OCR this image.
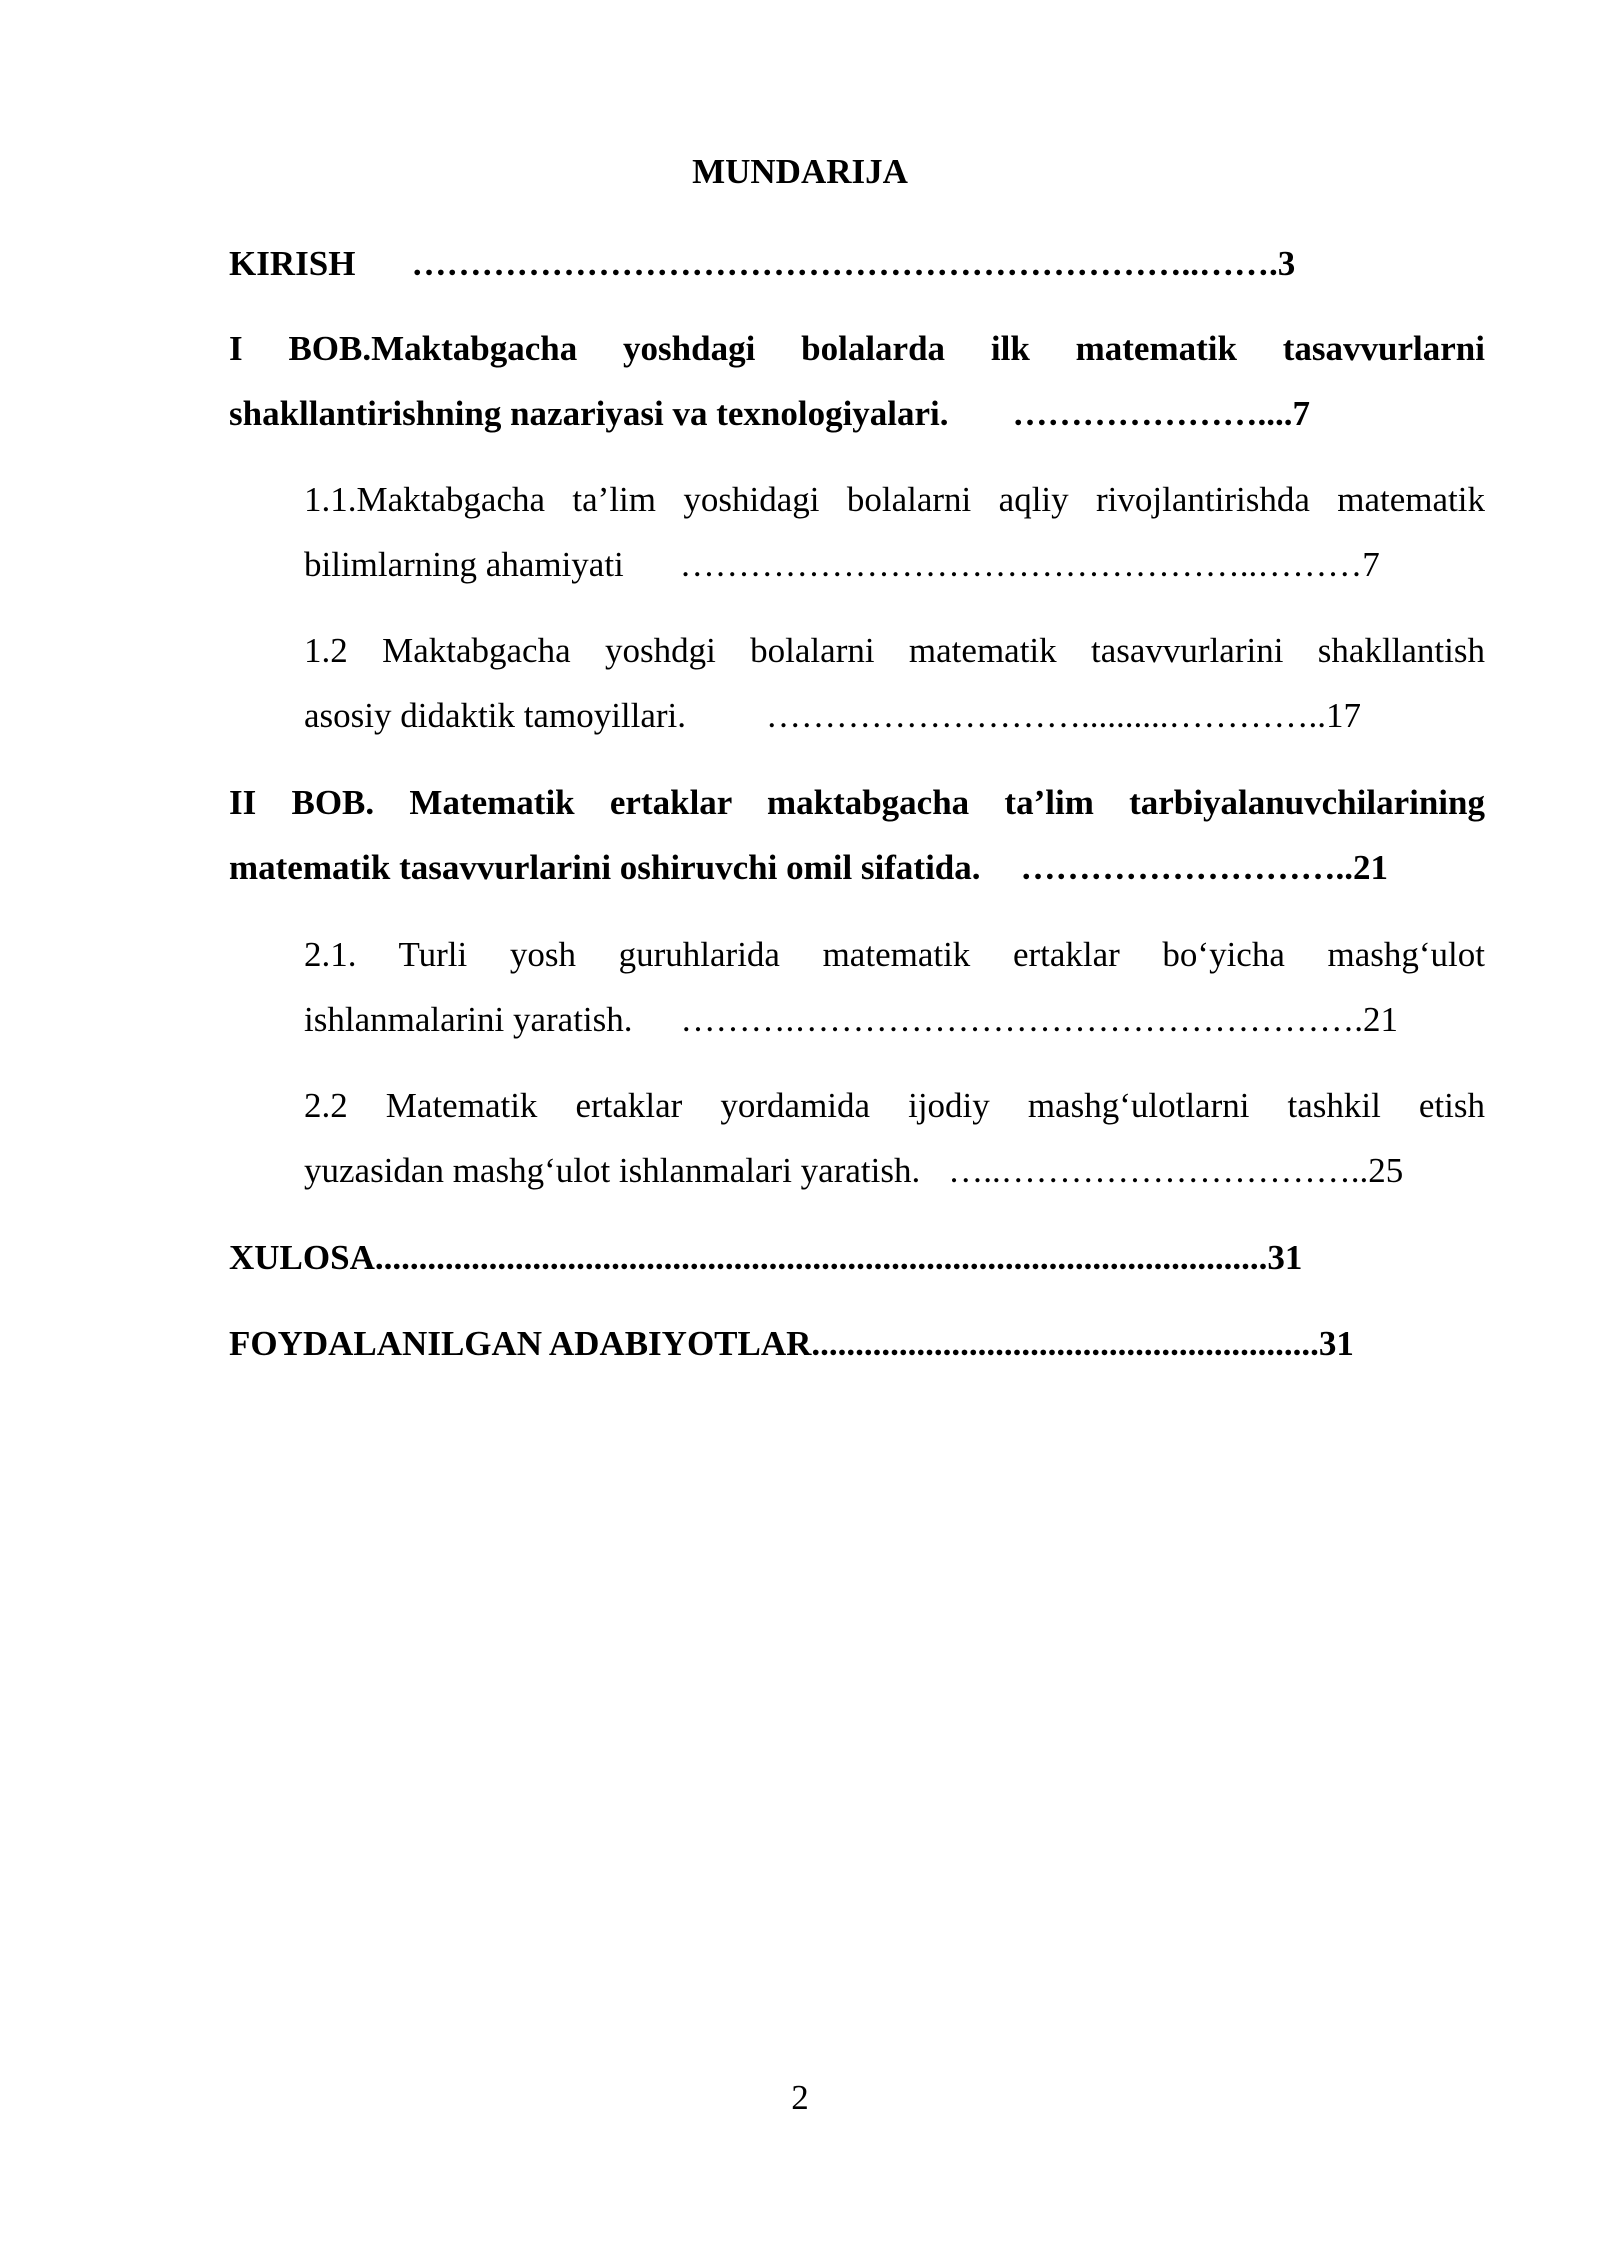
MUNDARIJA
KIRISH …………………………………………………………..…….3
I BOB.Maktabgacha yoshdagi bolalarda ilk matematik tasavvurlarni
shakllantirishning nazariyasi va texnologiyalari. …………………....7
1.1.Maktabgacha ta’lim yoshidagi bolalarni aqliy rivojlantirishda matematik
bilimlarning ahamiyati …………………………………………..………7
1.2 Maktabgacha yoshdgi bolalarni matematik tasavvurlarini shakllantish
asosiy didaktik tamoyillari. ………………………..........…………..17
II BOB. Matematik ertaklar maktabgacha ta’lim tarbiyalanuvchilarining
matematik tasavvurlarini oshiruvchi omil sifatida. ………………………..21
2.1. Turli yosh guruhlarida matematik ertaklar bo‘yicha mashg‘ulot
ishlanmalarini yaratish. ……….………………………………………….21
2.2 Matematik ertaklar yordamida ijodiy mashg‘ulotlarni tashkil etish
yuzasidan mashg‘ulot ishlanmalari yaratish. …..…………………………..25
XULOSA......................................................................................................31
FOYDALANILGAN ADABIYOTLAR..........................................................31
2
